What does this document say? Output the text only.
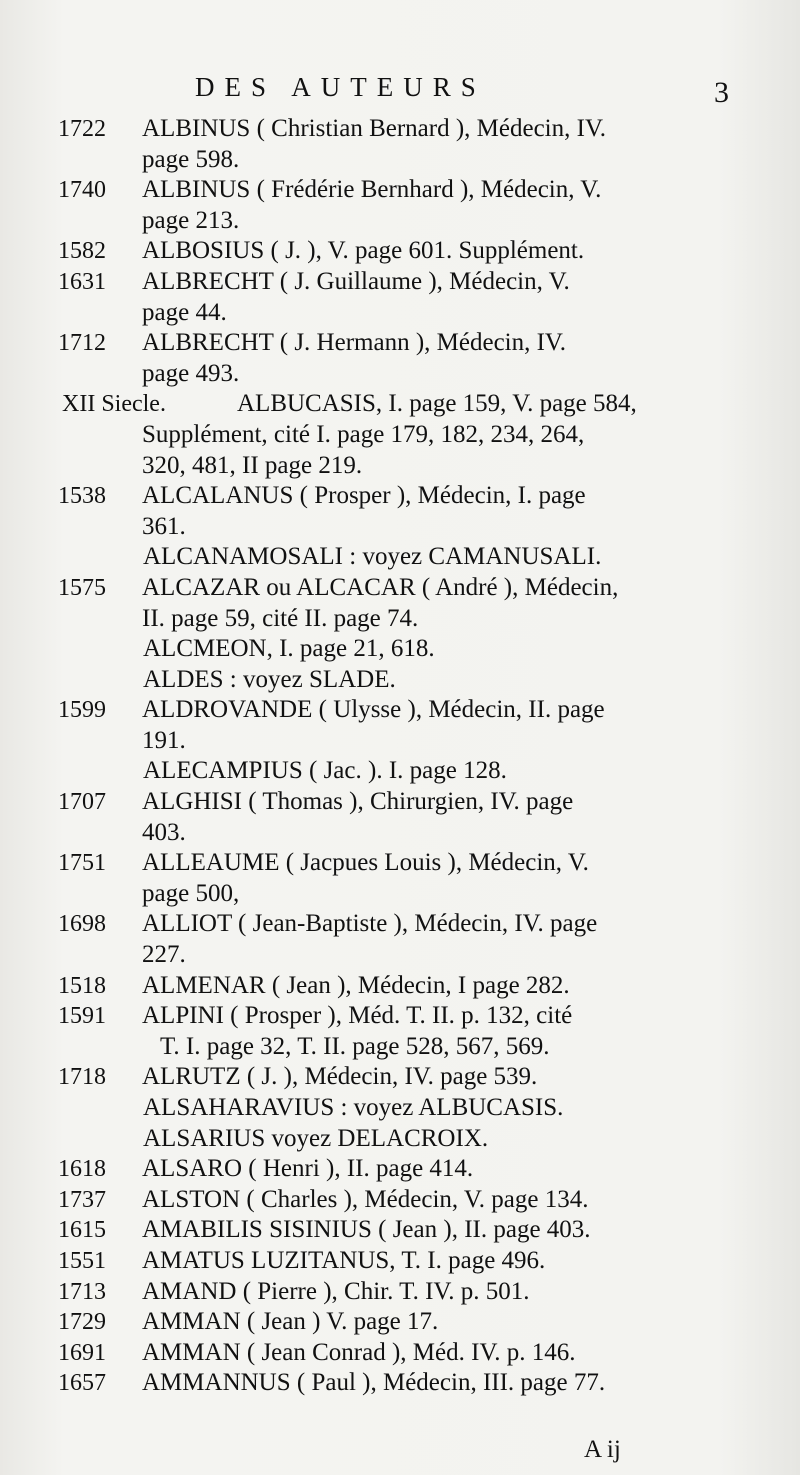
DES AUTEURS	3
1722	ALBINUS ( Christian Bernard ), Médecin, IV.
page 598.
1740	ALBINUS ( Frédérie Bernhard ), Médecin, V.
page 213.
1582	ALBOSIUS ( J. ), V. page 601. Supplément.
1631	ALBRECHT ( J. Guillaume ), Médecin, V.
page 44.
1712	ALBRECHT ( J. Hermann ), Médecin, IV.
page 493.
XII Siecle.	ALBUCASIS, I. page 159, V. page 584,
Supplément, cité I. page 179, 182, 234, 264,
320, 481, II page 219.
1538	ALCALANUS ( Prosper ), Médecin, I. page
361.
ALCANAMOSALI : voyez CAMANUSALI.
1575	ALCAZAR ou ALCACAR ( André ), Médecin,
II. page 59, cité II. page 74.
ALCMEON, I. page 21, 618.
ALDES : voyez SLADE.
1599	ALDROVANDE ( Ulysse ), Médecin, II. page
191.
ALECAMPIUS ( Jac. ). I. page 128.
1707	ALGHISI ( Thomas ), Chirurgien, IV. page
403.
1751	ALLEAUME ( Jacpues Louis ), Médecin, V.
page 500,
1698	ALLIOT ( Jean-Baptiste ), Médecin, IV. page
227.
1518	ALMENAR ( Jean ), Médecin, I page 282.
1591	ALPINI ( Prosper ), Méd. T. II. p. 132, cité
T. I. page 32, T. II. page 528, 567, 569.
1718	ALRUTZ ( J. ), Médecin, IV. page 539.
ALSAHARAVIUS : voyez ALBUCASIS.
ALSARIUS voyez DELACROIX.
1618	ALSARO ( Henri ), II. page 414.
1737	ALSTON ( Charles ), Médecin, V. page 134.
1615	AMABILIS SISINIUS ( Jean ), II. page 403.
1551	AMATUS LUZITANUS, T. I. page 496.
1713	AMAND ( Pierre ), Chir. T. IV. p. 501.
1729	AMMAN ( Jean ) V. page 17.
1691	AMMAN ( Jean Conrad ), Méd. IV. p. 146.
1657	AMMANNUS ( Paul ), Médecin, III. page 77.
A ij
